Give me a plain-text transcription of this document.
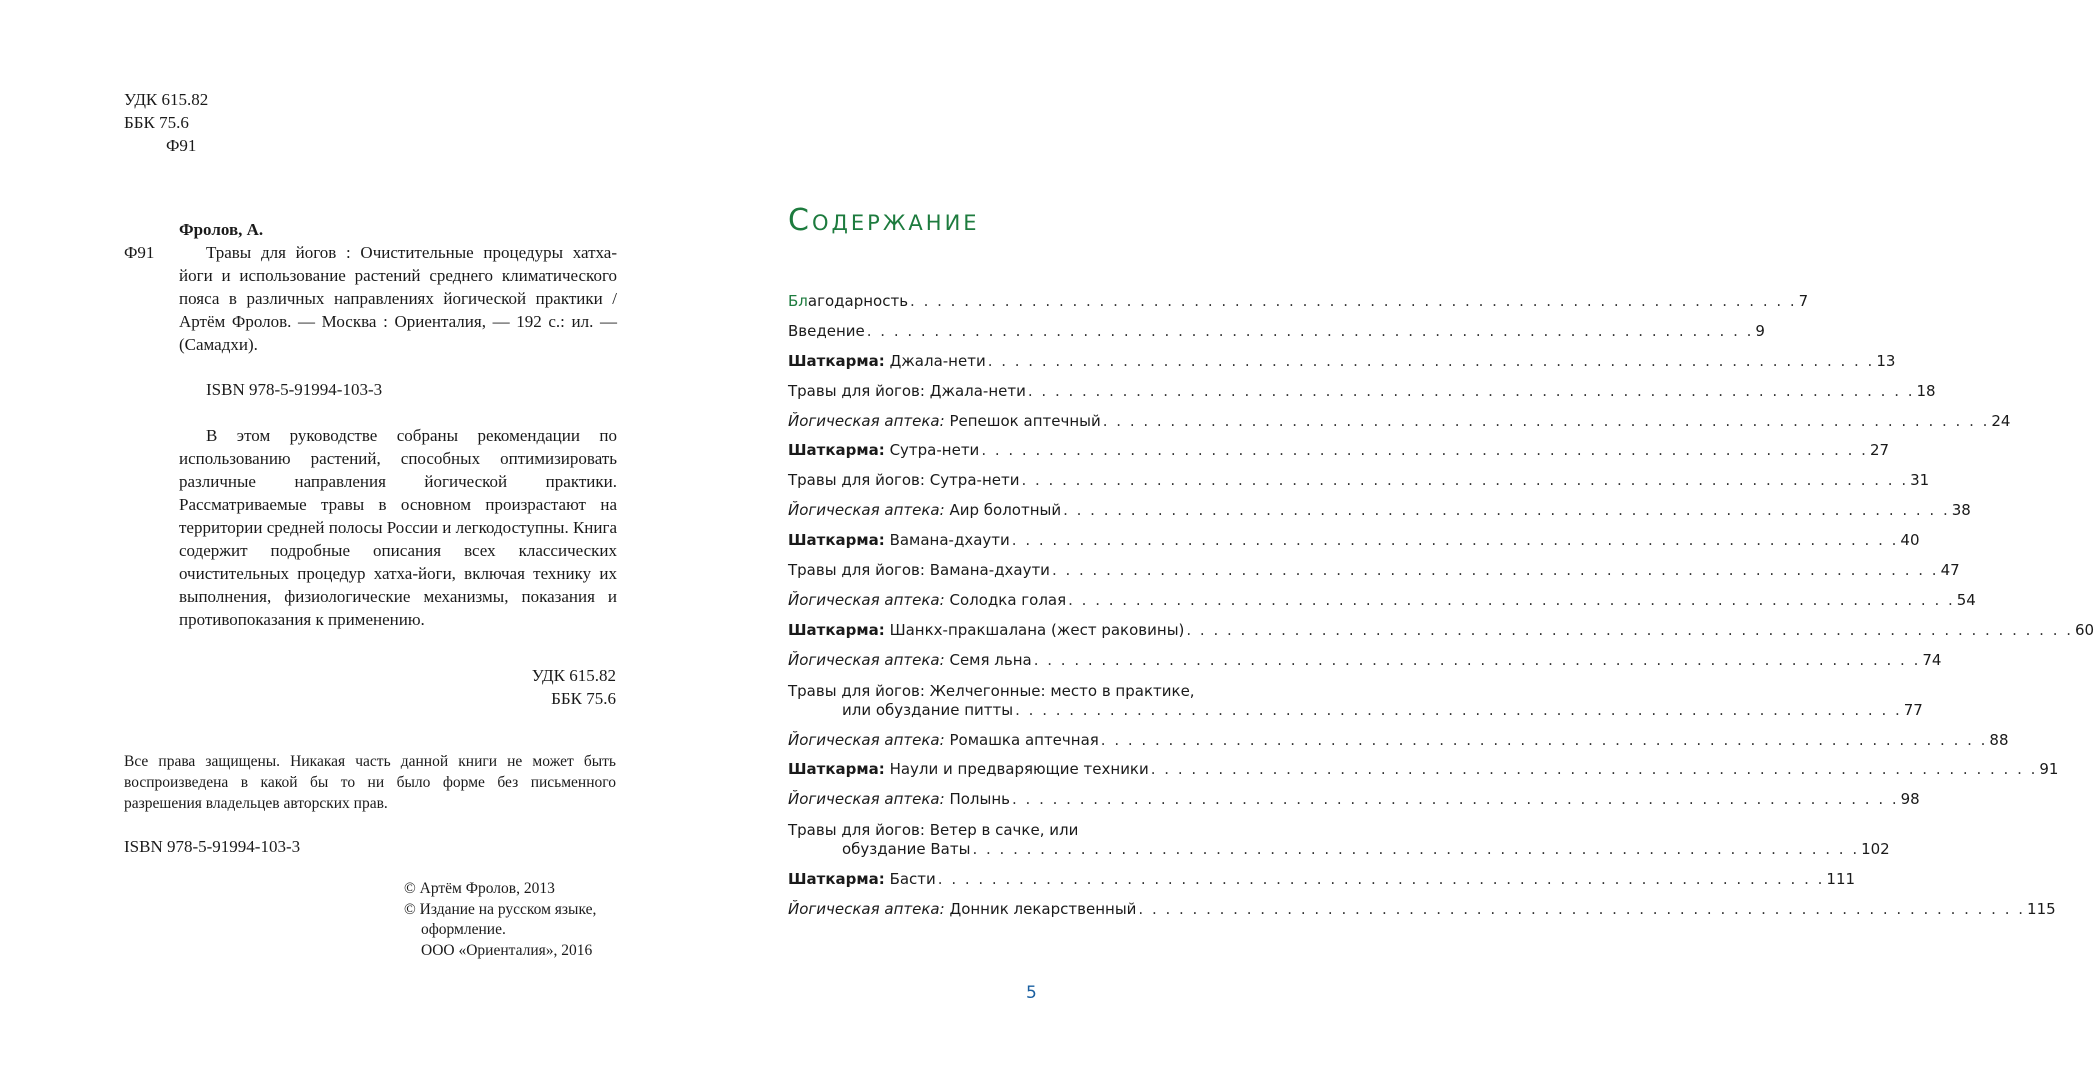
УДК 615.82
ББК 75.6
Ф91
Фролов, А.
Ф91	Травы для йогов : Очистительные процедуры хатха-йоги и использование растений среднего климатического пояса в различных направлениях йогической практики / Артём Фролов. — Москва : Ориенталия, — 192 с.: ил. — (Самадхи).
ISBN 978-5-91994-103-3
В этом руководстве собраны рекомендации по использованию растений, способных оптимизировать различные направления йогической практики. Рассматриваемые травы в основном произрастают на территории средней полосы России и легкодоступны. Книга содержит подробные описания всех классических очистительных процедур хатха-йоги, включая технику их выполнения, физиологические механизмы, показания и противопоказания к применению.
УДК 615.82
ББК 75.6
Все права защищены. Никакая часть данной книги не может быть воспроизведена в какой бы то ни было форме без письменного разрешения владельцев авторских прав.
ISBN 978-5-91994-103-3
© Артём Фролов, 2013
© Издание на русском языке,
оформление.
ООО «Ориенталия», 2016
Содержание
Благодарность . . . . . . . . . . . . . . . . . . . . . . . . . . . . . . . . . . . . . . . . . . . . . . . . . . . . . . . . . . . . . . . . . . 7
Введение . . . . . . . . . . . . . . . . . . . . . . . . . . . . . . . . . . . . . . . . . . . . . . . . . . . . . . . . . . . . . . . . . . 9
Шаткарма: Джала-нети . . . . . . . . . . . . . . . . . . . . . . . . . . . . . . . . . . . . . . . . . . . . . . . . . . . . . . . . . . . . . . . . . . 13
Травы для йогов: Джала-нети . . . . . . . . . . . . . . . . . . . . . . . . . . . . . . . . . . . . . . . . . . . . . . . . . . . . . . . . . . . . . . . . . . 18
Йогическая аптека: Репешок аптечный . . . . . . . . . . . . . . . . . . . . . . . . . . . . . . . . . . . . . . . . . . . . . . . . . . . . . . . . . . . . . . . . . . 24
Шаткарма: Сутра-нети . . . . . . . . . . . . . . . . . . . . . . . . . . . . . . . . . . . . . . . . . . . . . . . . . . . . . . . . . . . . . . . . . . 27
Травы для йогов: Сутра-нети . . . . . . . . . . . . . . . . . . . . . . . . . . . . . . . . . . . . . . . . . . . . . . . . . . . . . . . . . . . . . . . . . . 31
Йогическая аптека: Аир болотный . . . . . . . . . . . . . . . . . . . . . . . . . . . . . . . . . . . . . . . . . . . . . . . . . . . . . . . . . . . . . . . . . . 38
Шаткарма: Вамана-дхаути . . . . . . . . . . . . . . . . . . . . . . . . . . . . . . . . . . . . . . . . . . . . . . . . . . . . . . . . . . . . . . . . . . 40
Травы для йогов: Вамана-дхаути . . . . . . . . . . . . . . . . . . . . . . . . . . . . . . . . . . . . . . . . . . . . . . . . . . . . . . . . . . . . . . . . . . 47
Йогическая аптека: Солодка голая . . . . . . . . . . . . . . . . . . . . . . . . . . . . . . . . . . . . . . . . . . . . . . . . . . . . . . . . . . . . . . . . . . 54
Шаткарма: Шанкх-пракшалана (жест раковины) . . . . . . . . . . . . . . . . . . . . . . . . . . . . . . . . . . . . . . . . . . . . . . . . . . . . . . . . . . . . . . . . . . 60
Йогическая аптека: Семя льна . . . . . . . . . . . . . . . . . . . . . . . . . . . . . . . . . . . . . . . . . . . . . . . . . . . . . . . . . . . . . . . . . . 74
Травы для йогов: Желчегонные: место в практике,
или обуздание питты . . . . . . . . . . . . . . . . . . . . . . . . . . . . . . . . . . . . . . . . . . . . . . . . . . . . . . . . . . . . . . . . . . 77
Йогическая аптека: Ромашка аптечная . . . . . . . . . . . . . . . . . . . . . . . . . . . . . . . . . . . . . . . . . . . . . . . . . . . . . . . . . . . . . . . . . . 88
Шаткарма: Наули и предваряющие техники . . . . . . . . . . . . . . . . . . . . . . . . . . . . . . . . . . . . . . . . . . . . . . . . . . . . . . . . . . . . . . . . . . 91
Йогическая аптека: Полынь . . . . . . . . . . . . . . . . . . . . . . . . . . . . . . . . . . . . . . . . . . . . . . . . . . . . . . . . . . . . . . . . . . 98
Травы для йогов: Ветер в сачке, или
обуздание Ваты . . . . . . . . . . . . . . . . . . . . . . . . . . . . . . . . . . . . . . . . . . . . . . . . . . . . . . . . . . . . . . . . . . 102
Шаткарма: Басти . . . . . . . . . . . . . . . . . . . . . . . . . . . . . . . . . . . . . . . . . . . . . . . . . . . . . . . . . . . . . . . . . . 111
Йогическая аптека: Донник лекарственный . . . . . . . . . . . . . . . . . . . . . . . . . . . . . . . . . . . . . . . . . . . . . . . . . . . . . . . . . . . . . . . . . . 115
5
